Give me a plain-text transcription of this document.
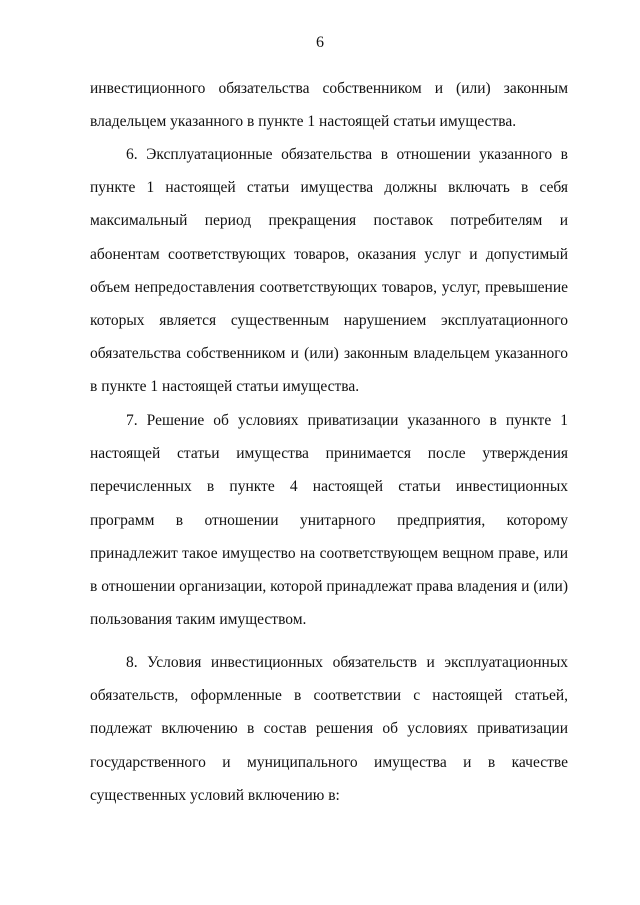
6

инвестиционного обязательства собственником и (или) законным владельцем указанного в пункте 1 настоящей статьи имущества.

6. Эксплуатационные обязательства в отношении указанного в пункте 1 настоящей статьи имущества должны включать в себя максимальный период прекращения поставок потребителям и абонентам соответствующих товаров, оказания услуг и допустимый объем непредоставления соответствующих товаров, услуг, превышение которых является существенным нарушением эксплуатационного обязательства собственником и (или) законным владельцем указанного в пункте 1 настоящей статьи имущества.

7. Решение об условиях приватизации указанного в пункте 1 настоящей статьи имущества принимается после утверждения перечисленных в пункте 4 настоящей статьи инвестиционных программ в отношении унитарного предприятия, которому принадлежит такое имущество на соответствующем вещном праве, или в отношении организации, которой принадлежат права владения и (или) пользования таким имуществом.

8. Условия инвестиционных обязательств и эксплуатационных обязательств, оформленные в соответствии с настоящей статьей, подлежат включению в состав решения об условиях приватизации государственного и муниципального имущества и в качестве существенных условий включению в:
